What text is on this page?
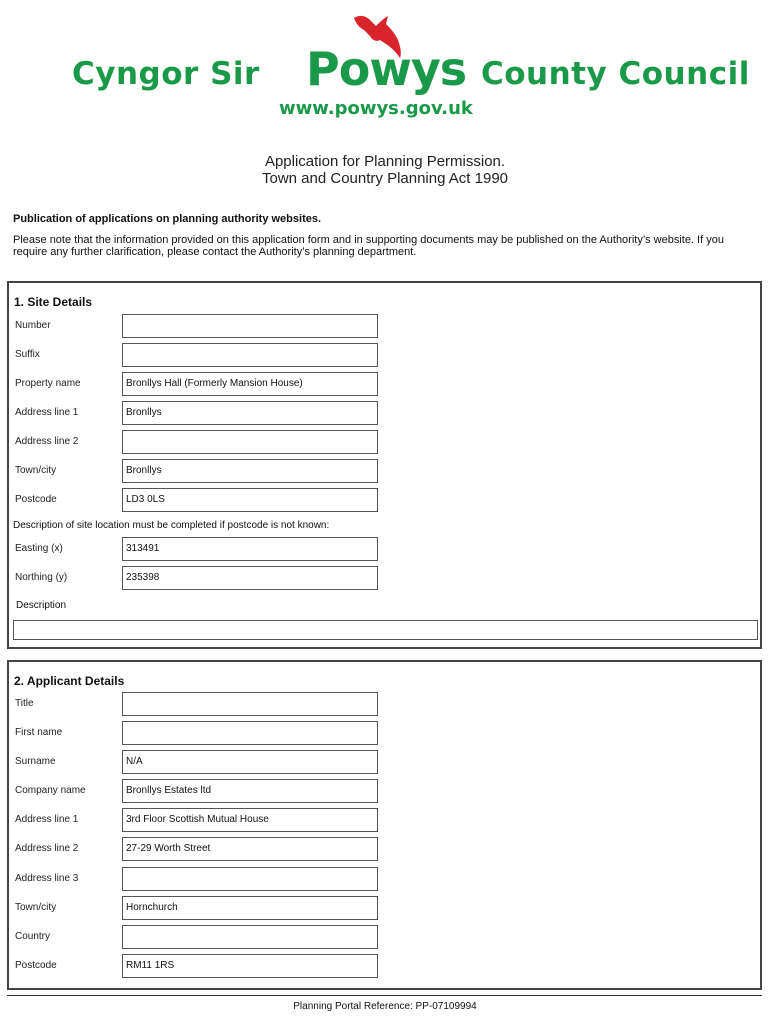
Cyngor Sir Powys County Council
www.powys.gov.uk
Application for Planning Permission.
Town and Country Planning Act 1990
Publication of applications on planning authority websites.
Please note that the information provided on this application form and in supporting documents may be published on the Authority’s website. If you require any further clarification, please contact the Authority’s planning department.
1. Site Details
Number
Suffix
Property name	Bronllys Hall (Formerly Mansion House)
Address line 1	Bronllys
Address line 2
Town/city	Bronllys
Postcode	LD3 0LS
Description of site location must be completed if postcode is not known:
Easting (x)	313491
Northing (y)	235398
Description
2. Applicant Details
Title
First name
Surname	N/A
Company name	Bronllys Estates ltd
Address line 1	3rd Floor Scottish Mutual House
Address line 2	27-29 Worth Street
Address line 3
Town/city	Hornchurch
Country
Postcode	RM11 1RS
Planning Portal Reference: PP-07109994
